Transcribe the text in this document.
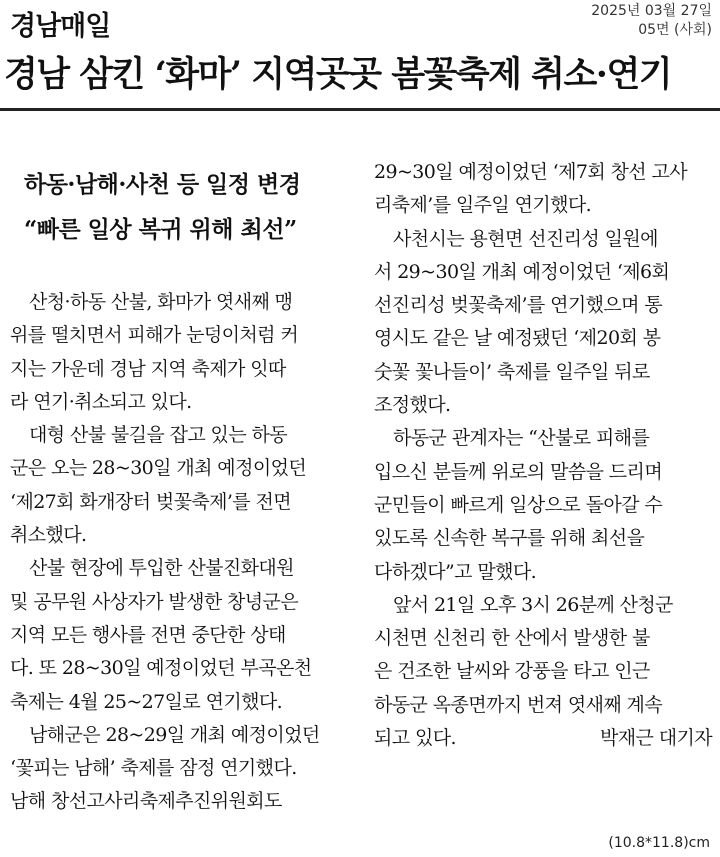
경남매일	2025년 03월 27일
05면 (사회)
경남 삼킨 ‘화마’ 지역곳곳 봄꽃축제 취소·연기
하동·남해·사천 등 일정 변경
“빠른 일상 복귀 위해 최선”
산청·하동 산불, 화마가 엿새째 맹
위를 떨치면서 피해가 눈덩이처럼 커
지는 가운데 경남 지역 축제가 잇따
라 연기·취소되고 있다.
대형 산불 불길을 잡고 있는 하동
군은 오는 28~30일 개최 예정이었던
‘제27회 화개장터 벚꽃축제’를 전면
취소했다.
산불 현장에 투입한 산불진화대원
및 공무원 사상자가 발생한 창녕군은
지역 모든 행사를 전면 중단한 상태
다. 또 28~30일 예정이었던 부곡온천
축제는 4월 25~27일로 연기했다.
남해군은 28~29일 개최 예정이었던
‘꽃피는 남해’ 축제를 잠정 연기했다.
남해 창선고사리축제추진위원회도
29~30일 예정이었던 ‘제7회 창선 고사
리축제’를 일주일 연기했다.
사천시는 용현면 선진리성 일원에
서 29~30일 개최 예정이었던 ‘제6회
선진리성 벚꽃축제’를 연기했으며 통
영시도 같은 날 예정됐던 ‘제20회 봉
숫꽃 꽃나들이’ 축제를 일주일 뒤로
조정했다.
하동군 관계자는 “산불로 피해를
입으신 분들께 위로의 말씀을 드리며
군민들이 빠르게 일상으로 돌아갈 수
있도록 신속한 복구를 위해 최선을
다하겠다”고 말했다.
앞서 21일 오후 3시 26분께 산청군
시천면 신천리 한 산에서 발생한 불
은 건조한 날씨와 강풍을 타고 인근
하동군 옥종면까지 번져 엿새째 계속
되고 있다.	박재근 대기자
(10.8*11.8)cm
